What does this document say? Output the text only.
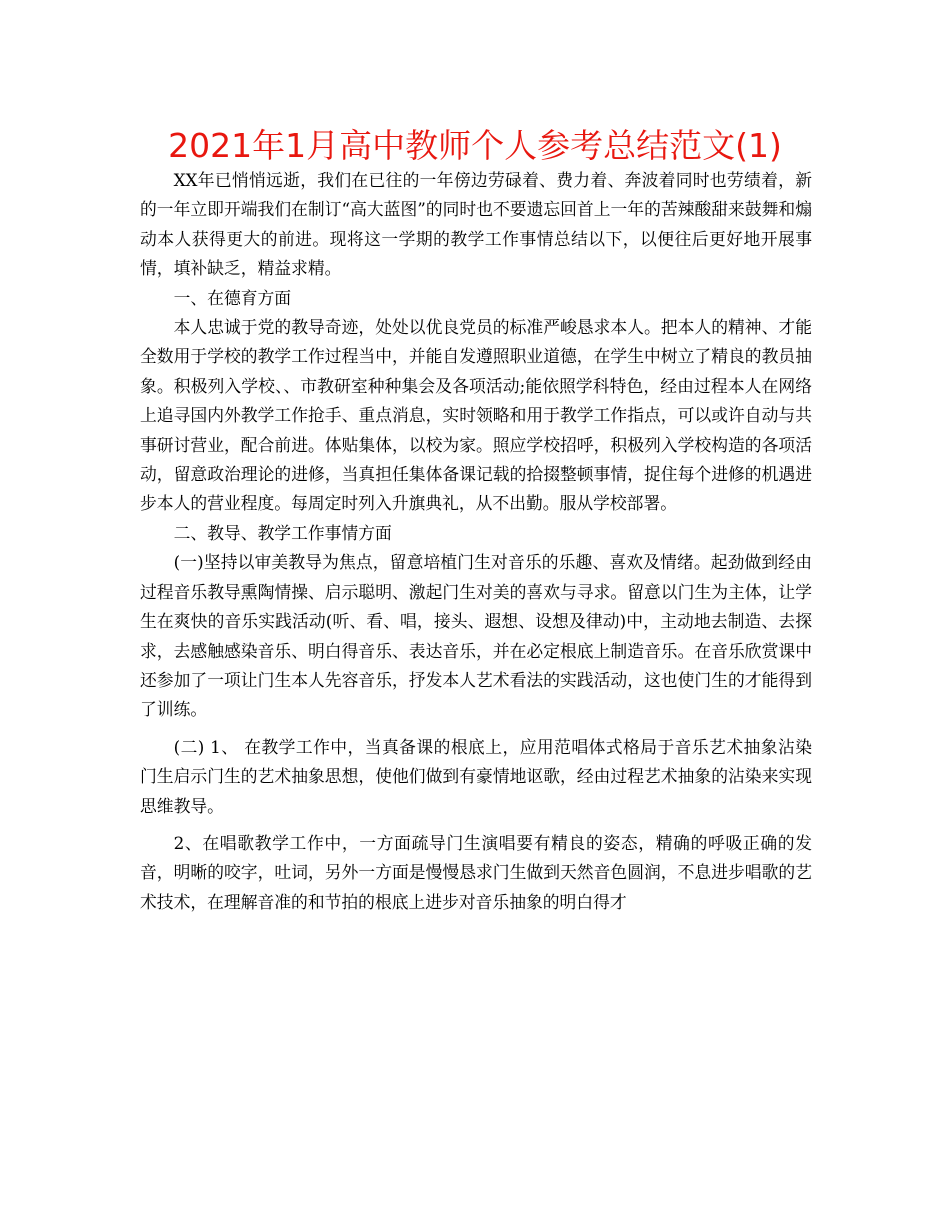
2021年1月高中教师个人参考总结范文(1)

XX年已悄悄远逝，我们在已往的一年傍边劳碌着、费力着、奔波着同时也劳绩着，新的一年立即开端我们在制订“高大蓝图”的同时也不要遗忘回首上一年的苦辣酸甜来鼓舞和煽动本人获得更大的前进。现将这一学期的教学工作事情总结以下，以便往后更好地开展事情，填补缺乏，精益求精。

一、在德育方面

本人忠诚于党的教导奇迹，处处以优良党员的标准严峻恳求本人。把本人的精神、才能全数用于学校的教学工作过程当中，并能自发遵照职业道德，在学生中树立了精良的教员抽象。积极列入学校、、市教研室种种集会及各项活动;能依照学科特色，经由过程本人在网络上追寻国内外教学工作抢手、重点消息，实时领略和用于教学工作指点，可以或许自动与共事研讨营业，配合前进。体贴集体，以校为家。照应学校招呼，积极列入学校构造的各项活动，留意政治理论的进修，当真担任集体备课记载的拾掇整顿事情，捉住每个进修的机遇进步本人的营业程度。每周定时列入升旗典礼，从不出勤。服从学校部署。

二、教导、教学工作事情方面

(一)坚持以审美教导为焦点，留意培植门生对音乐的乐趣、喜欢及情绪。起劲做到经由过程音乐教导熏陶情操、启示聪明、激起门生对美的喜欢与寻求。留意以门生为主体，让学生在爽快的音乐实践活动(听、看、唱，接头、遐想、设想及律动)中，主动地去制造、去探求，去感触感染音乐、明白得音乐、表达音乐，并在必定根底上制造音乐。在音乐欣赏课中还参加了一项让门生本人先容音乐，抒发本人艺术看法的实践活动，这也使门生的才能得到了训练。

(二) 1、 在教学工作中，当真备课的根底上，应用范唱体式格局于音乐艺术抽象沾染门生启示门生的艺术抽象思想，使他们做到有豪情地讴歌，经由过程艺术抽象的沾染来实现思维教导。

2、在唱歌教学工作中，一方面疏导门生演唱要有精良的姿态，精确的呼吸正确的发音，明晰的咬字，吐词，另外一方面是慢慢恳求门生做到天然音色圆润，不息进步唱歌的艺术技术，在理解音准的和节拍的根底上进步对音乐抽象的明白得才
